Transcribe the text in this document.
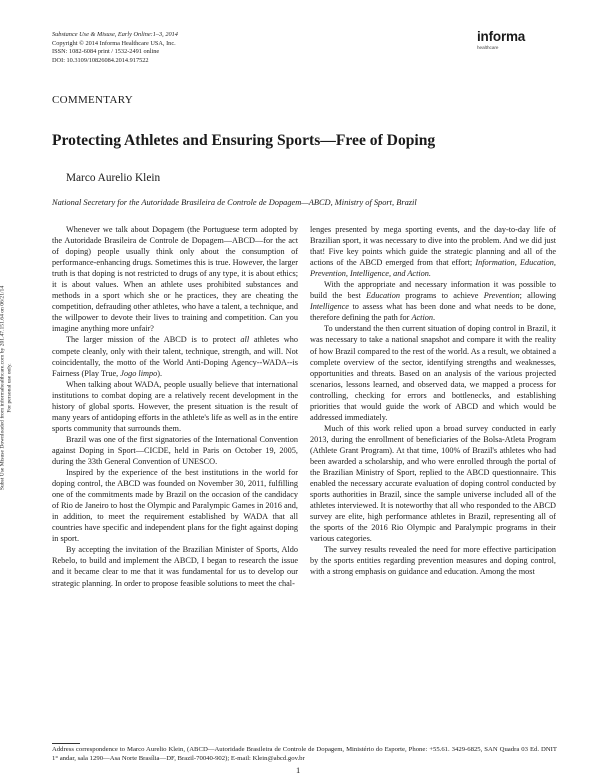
Substance Use & Misuse, Early Online:1–3, 2014
Copyright © 2014 Informa Healthcare USA, Inc.
ISSN: 1082-6084 print / 1532-2491 online
DOI: 10.3109/10826084.2014.917522
informa
healthcare
Subst Use Misuse Downloaded from informahealthcare.com by 201.47.151.64 on 06/21/14 For personal use only.
COMMENTARY
Protecting Athletes and Ensuring Sports—Free of Doping
Marco Aurelio Klein
National Secretary for the Autoridade Brasileira de Controle de Dopagem—ABCD, Ministry of Sport, Brazil

Whenever we talk about Dopagem (the Portuguese term adopted by the Autoridade Brasileira de Controle de Dopagem—ABCD—for the act of doping) people usually think only about the consumption of performance-enhancing drugs. Sometimes this is true. However, the larger truth is that doping is not restricted to drugs of any type, it is about ethics; it is about values. When an athlete uses prohibited substances and methods in a sport which she or he practices, they are cheating the competition, defrauding other athletes, who have a talent, a technique, and the willpower to devote their lives to training and competition. Can you imagine anything more unfair?

The larger mission of the ABCD is to protect all athletes who compete cleanly, only with their talent, technique, strength, and will. Not coincidentally, the motto of the World Anti-Doping Agency--WADA--is Fairness (Play True, Jogo limpo).

When talking about WADA, people usually believe that international institutions to combat doping are a relatively recent development in the history of global sports. However, the present situation is the result of many years of antidoping efforts in the athlete's life as well as in the entire sports community that surrounds them.

Brazil was one of the first signatories of the International Convention against Doping in Sport—CICDE, held in Paris on October 19, 2005, during the 33th General Convention of UNESCO.

Inspired by the experience of the best institutions in the world for doping control, the ABCD was founded on November 30, 2011, fulfilling one of the commitments made by Brazil on the occasion of the candidacy of Rio de Janeiro to host the Olympic and Paralympic Games in 2016 and, in addition, to meet the requirement established by WADA that all countries have specific and independent plans for the fight against doping in sport.

By accepting the invitation of the Brazilian Minister of Sports, Aldo Rebelo, to build and implement the ABCD, I began to research the issue and it became clear to me that it was fundamental for us to develop our strategic planning. In order to propose feasible solutions to meet the chal-

lenges presented by mega sporting events, and the day-to-day life of Brazilian sport, it was necessary to dive into the problem. And we did just that! Five key points which guide the strategic planning and all of the actions of the ABCD emerged from that effort; Information, Education, Prevention, Intelligence, and Action.

With the appropriate and necessary information it was possible to build the best Education programs to achieve Prevention; allowing Intelligence to assess what has been done and what needs to be done, therefore defining the path for Action.

To understand the then current situation of doping control in Brazil, it was necessary to take a national snapshot and compare it with the reality of how Brazil compared to the rest of the world. As a result, we obtained a complete overview of the sector, identifying strengths and weaknesses, opportunities and threats. Based on an analysis of the various projected scenarios, lessons learned, and observed data, we mapped a process for controlling, checking for errors and bottlenecks, and establishing priorities that would guide the work of ABCD and which would be addressed immediately.

Much of this work relied upon a broad survey conducted in early 2013, during the enrollment of beneficiaries of the Bolsa-Atleta Program (Athlete Grant Program). At that time, 100% of Brazil's athletes who had been awarded a scholarship, and who were enrolled through the portal of the Brazilian Ministry of Sport, replied to the ABCD questionnaire. This enabled the necessary accurate evaluation of doping control conducted by sports authorities in Brazil, since the sample universe included all of the athletes interviewed. It is noteworthy that all who responded to the ABCD survey are elite, high performance athletes in Brazil, representing all of the sports of the 2016 Rio Olympic and Paralympic programs in their various categories.

The survey results revealed the need for more effective participation by the sports entities regarding prevention measures and doping control, with a strong emphasis on guidance and education. Among the most

Address correspondence to Marco Aurelio Klein, (ABCD—Autoridade Brasileira de Controle de Dopagem, Ministério do Esporte, Phone: +55.61. 3429-6825, SAN Quadra 03 Ed. DNIT 1° andar, sala 1290—Asa Norte Brasília—DF, Brazil-70040-902); E-mail: Klein@abcd.gov.br
1
